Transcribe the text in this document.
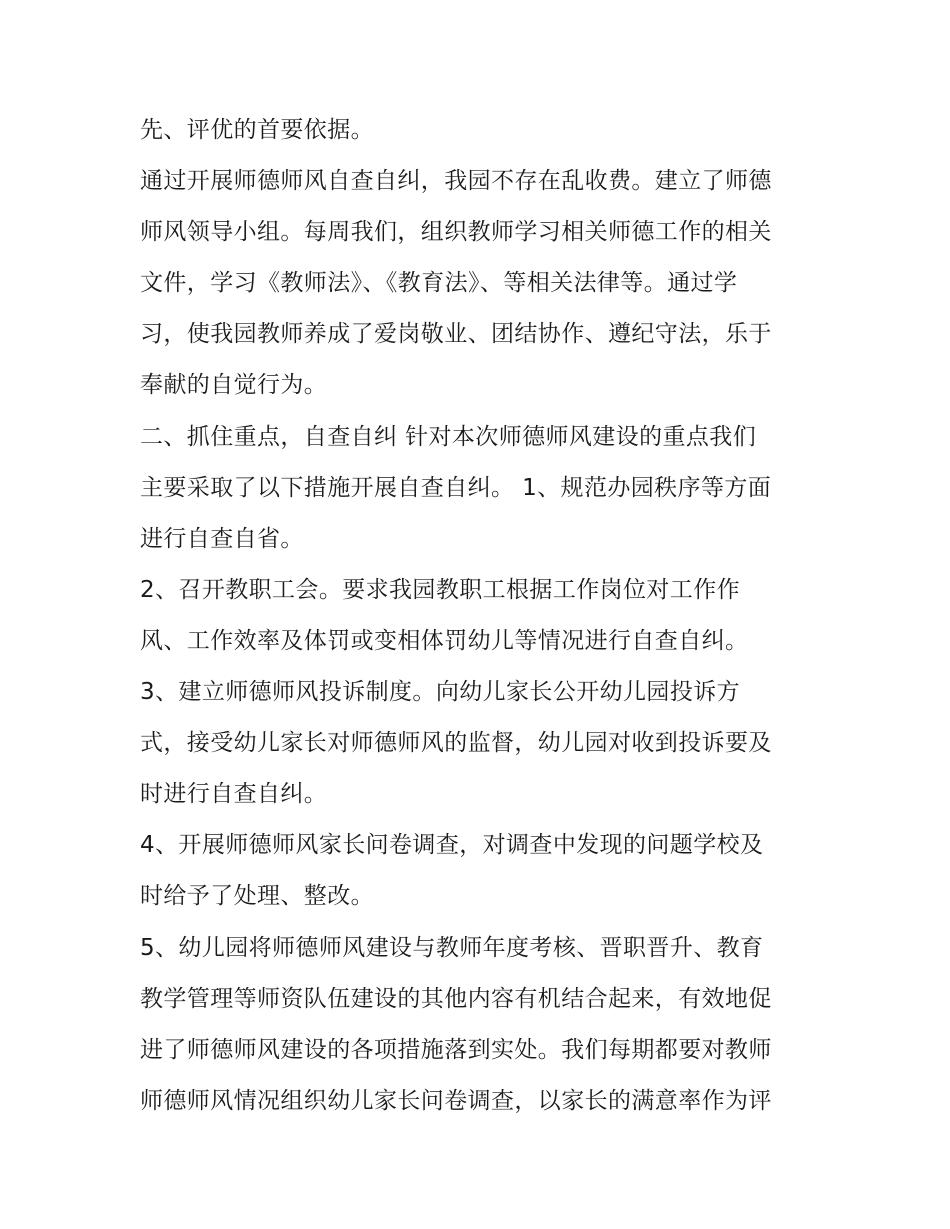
先、评优的首要依据。
通过开展师德师风自查自纠，我园不存在乱收费。建立了师德
师风领导小组。每周我们，组织教师学习相关师德工作的相关
文件，学习《教师法》、《教育法》、等相关法律等。通过学
习，使我园教师养成了爱岗敬业、团结协作、遵纪守法，乐于
奉献的自觉行为。
二、抓住重点，自查自纠 针对本次师德师风建设的重点我们
主要采取了以下措施开展自查自纠。 1、规范办园秩序等方面
进行自查自省。
2、召开教职工会。要求我园教职工根据工作岗位对工作作
风、工作效率及体罚或变相体罚幼儿等情况进行自查自纠。
3、建立师德师风投诉制度。向幼儿家长公开幼儿园投诉方
式，接受幼儿家长对师德师风的监督，幼儿园对收到投诉要及
时进行自查自纠。
4、开展师德师风家长问卷调查，对调查中发现的问题学校及
时给予了处理、整改。
5、幼儿园将师德师风建设与教师年度考核、晋职晋升、教育
教学管理等师资队伍建设的其他内容有机结合起来，有效地促
进了师德师风建设的各项措施落到实处。我们每期都要对教师
师德师风情况组织幼儿家长问卷调查，以家长的满意率作为评
